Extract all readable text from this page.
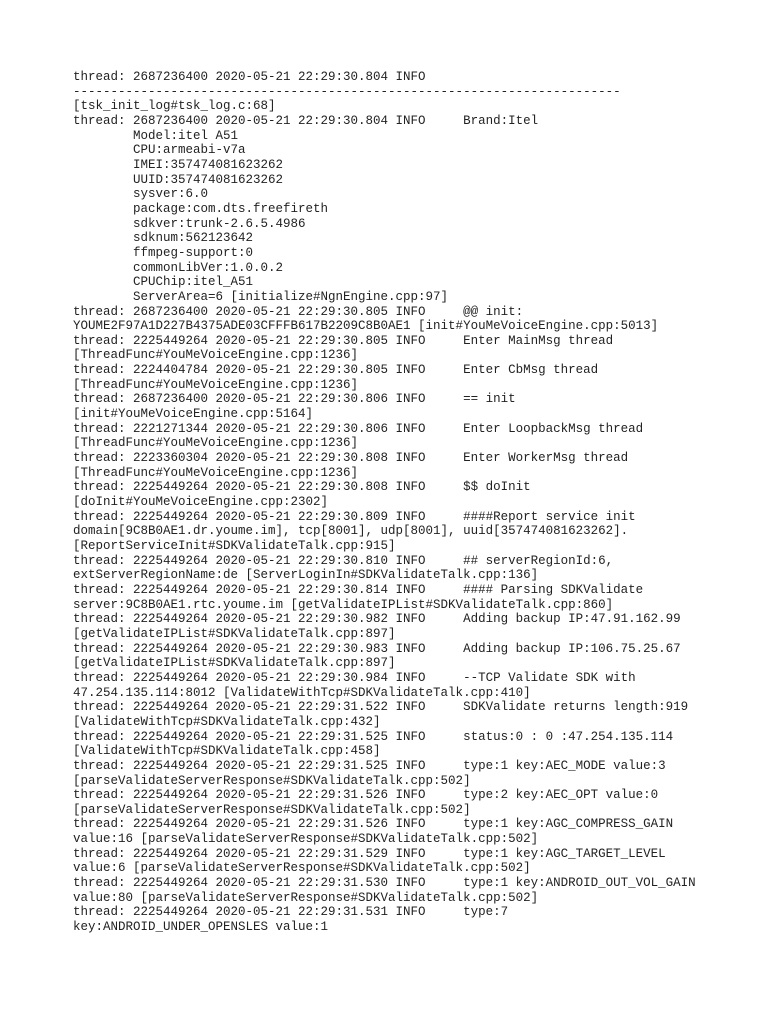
thread: 2687236400 2020-05-21 22:29:30.804 INFO
-------------------------------------------------------------------------
[tsk_init_log#tsk_log.c:68]
thread: 2687236400 2020-05-21 22:29:30.804 INFO     Brand:Itel
Model:itel A51
CPU:armeabi-v7a
IMEI:357474081623262
UUID:357474081623262
sysver:6.0
package:com.dts.freefireth
sdkver:trunk-2.6.5.4986
sdknum:562123642
ffmpeg-support:0
commonLibVer:1.0.0.2
CPUChip:itel_A51
ServerArea=6 [initialize#NgnEngine.cpp:97]
thread: 2687236400 2020-05-21 22:29:30.805 INFO     @@ init:
YOUME2F97A1D227B4375ADE03CFFFB617B2209C8B0AE1 [init#YouMeVoiceEngine.cpp:5013]
thread: 2225449264 2020-05-21 22:29:30.805 INFO     Enter MainMsg thread
[ThreadFunc#YouMeVoiceEngine.cpp:1236]
thread: 2224404784 2020-05-21 22:29:30.805 INFO     Enter CbMsg thread
[ThreadFunc#YouMeVoiceEngine.cpp:1236]
thread: 2687236400 2020-05-21 22:29:30.806 INFO     == init
[init#YouMeVoiceEngine.cpp:5164]
thread: 2221271344 2020-05-21 22:29:30.806 INFO     Enter LoopbackMsg thread
[ThreadFunc#YouMeVoiceEngine.cpp:1236]
thread: 2223360304 2020-05-21 22:29:30.808 INFO     Enter WorkerMsg thread
[ThreadFunc#YouMeVoiceEngine.cpp:1236]
thread: 2225449264 2020-05-21 22:29:30.808 INFO     $$ doInit
[doInit#YouMeVoiceEngine.cpp:2302]
thread: 2225449264 2020-05-21 22:29:30.809 INFO     ####Report service init
domain[9C8B0AE1.dr.youme.im], tcp[8001], udp[8001], uuid[357474081623262].
[ReportServiceInit#SDKValidateTalk.cpp:915]
thread: 2225449264 2020-05-21 22:29:30.810 INFO     ## serverRegionId:6,
extServerRegionName:de [ServerLoginIn#SDKValidateTalk.cpp:136]
thread: 2225449264 2020-05-21 22:29:30.814 INFO     #### Parsing SDKValidate
server:9C8B0AE1.rtc.youme.im [getValidateIPList#SDKValidateTalk.cpp:860]
thread: 2225449264 2020-05-21 22:29:30.982 INFO     Adding backup IP:47.91.162.99
[getValidateIPList#SDKValidateTalk.cpp:897]
thread: 2225449264 2020-05-21 22:29:30.983 INFO     Adding backup IP:106.75.25.67
[getValidateIPList#SDKValidateTalk.cpp:897]
thread: 2225449264 2020-05-21 22:29:30.984 INFO     --TCP Validate SDK with
47.254.135.114:8012 [ValidateWithTcp#SDKValidateTalk.cpp:410]
thread: 2225449264 2020-05-21 22:29:31.522 INFO     SDKValidate returns length:919
[ValidateWithTcp#SDKValidateTalk.cpp:432]
thread: 2225449264 2020-05-21 22:29:31.525 INFO     status:0 : 0 :47.254.135.114
[ValidateWithTcp#SDKValidateTalk.cpp:458]
thread: 2225449264 2020-05-21 22:29:31.525 INFO     type:1 key:AEC_MODE value:3
[parseValidateServerResponse#SDKValidateTalk.cpp:502]
thread: 2225449264 2020-05-21 22:29:31.526 INFO     type:2 key:AEC_OPT value:0
[parseValidateServerResponse#SDKValidateTalk.cpp:502]
thread: 2225449264 2020-05-21 22:29:31.526 INFO     type:1 key:AGC_COMPRESS_GAIN
value:16 [parseValidateServerResponse#SDKValidateTalk.cpp:502]
thread: 2225449264 2020-05-21 22:29:31.529 INFO     type:1 key:AGC_TARGET_LEVEL
value:6 [parseValidateServerResponse#SDKValidateTalk.cpp:502]
thread: 2225449264 2020-05-21 22:29:31.530 INFO     type:1 key:ANDROID_OUT_VOL_GAIN
value:80 [parseValidateServerResponse#SDKValidateTalk.cpp:502]
thread: 2225449264 2020-05-21 22:29:31.531 INFO     type:7
key:ANDROID_UNDER_OPENSLES value:1
